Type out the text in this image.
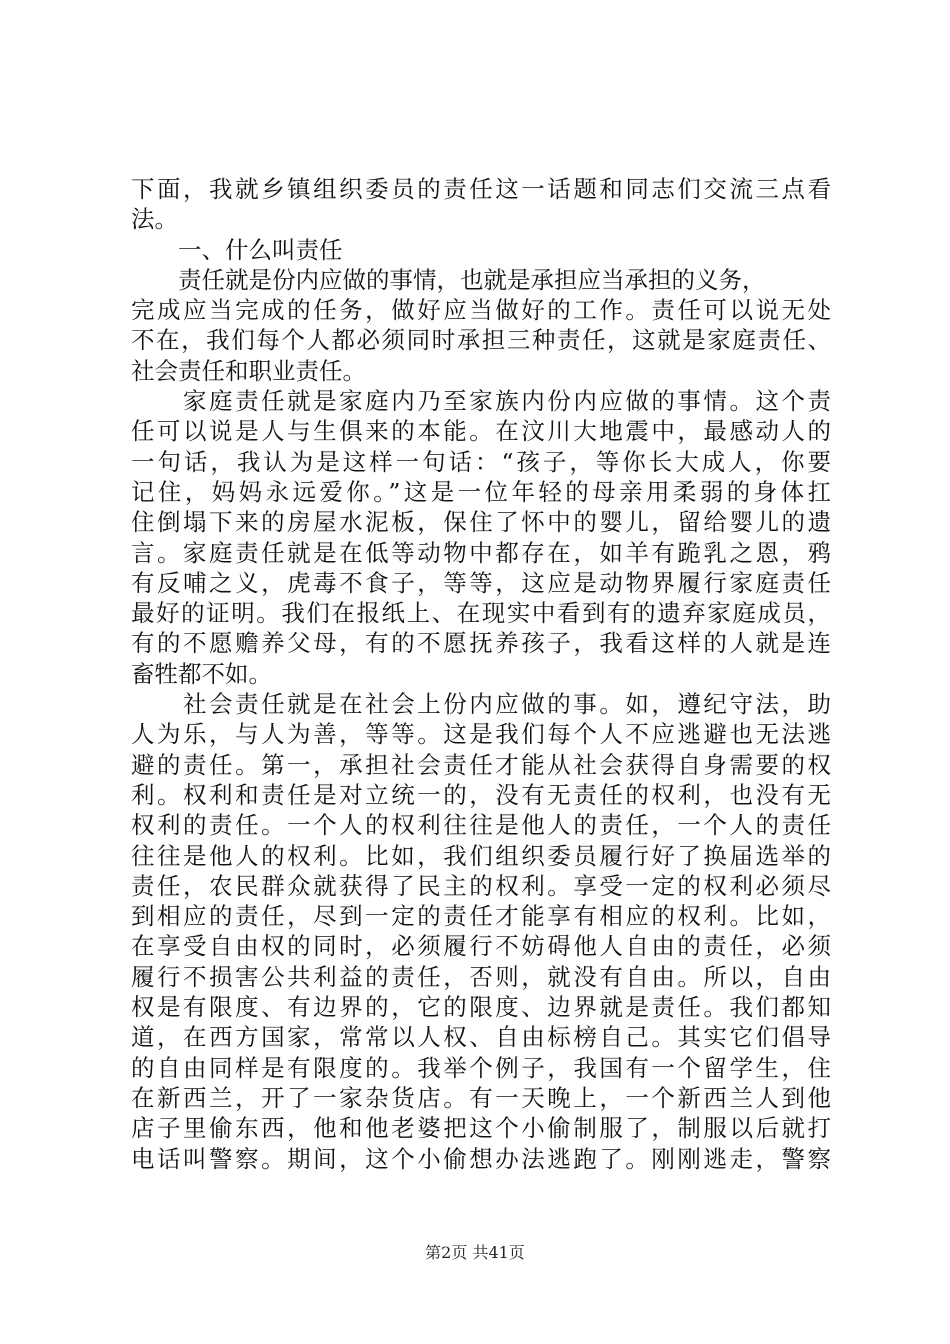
下面，我就乡镇组织委员的责任这一话题和同志们交流三点看
法。
　　一、什么叫责任
　　责任就是份内应做的事情，也就是承担应当承担的义务，
完成应当完成的任务，做好应当做好的工作。责任可以说无处
不在，我们每个人都必须同时承担三种责任，这就是家庭责任、
社会责任和职业责任。
　　家庭责任就是家庭内乃至家族内份内应做的事情。这个责
任可以说是人与生俱来的本能。在汶川大地震中，最感动人的
一句话，我认为是这样一句话：“孩子，等你长大成人，你要
记住，妈妈永远爱你。”这是一位年轻的母亲用柔弱的身体扛
住倒塌下来的房屋水泥板，保住了怀中的婴儿，留给婴儿的遗
言。家庭责任就是在低等动物中都存在，如羊有跪乳之恩，鸦
有反哺之义，虎毒不食子，等等，这应是动物界履行家庭责任
最好的证明。我们在报纸上、在现实中看到有的遗弃家庭成员，
有的不愿赡养父母，有的不愿抚养孩子，我看这样的人就是连
畜牲都不如。
　　社会责任就是在社会上份内应做的事。如，遵纪守法，助
人为乐，与人为善，等等。这是我们每个人不应逃避也无法逃
避的责任。第一，承担社会责任才能从社会获得自身需要的权
利。权利和责任是对立统一的，没有无责任的权利，也没有无
权利的责任。一个人的权利往往是他人的责任，一个人的责任
往往是他人的权利。比如，我们组织委员履行好了换届选举的
责任，农民群众就获得了民主的权利。享受一定的权利必须尽
到相应的责任，尽到一定的责任才能享有相应的权利。比如，
在享受自由权的同时，必须履行不妨碍他人自由的责任，必须
履行不损害公共利益的责任，否则，就没有自由。所以，自由
权是有限度、有边界的，它的限度、边界就是责任。我们都知
道，在西方国家，常常以人权、自由标榜自己。其实它们倡导
的自由同样是有限度的。我举个例子，我国有一个留学生，住
在新西兰，开了一家杂货店。有一天晚上，一个新西兰人到他
店子里偷东西，他和他老婆把这个小偷制服了，制服以后就打
电话叫警察。期间，这个小偷想办法逃跑了。刚刚逃走，警察
第2页 共41页
